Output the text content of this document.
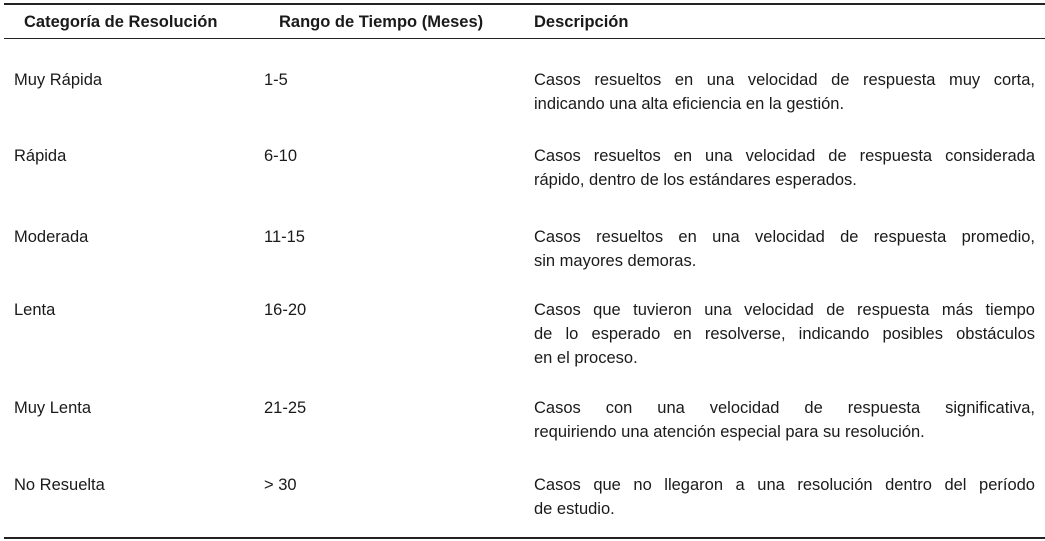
Categoría de Resolución	Rango de Tiempo (Meses)	Descripción
Muy Rápida	1-5	Casos resueltos en una velocidad de respuesta muy corta,
indicando una alta eficiencia en la gestión.
Rápida	6-10	Casos resueltos en una velocidad de respuesta considerada
rápido, dentro de los estándares esperados.
Moderada	11-15	Casos resueltos en una velocidad de respuesta promedio,
sin mayores demoras.
Lenta	16-20	Casos que tuvieron una velocidad de respuesta más tiempo
de lo esperado en resolverse, indicando posibles obstáculos
en el proceso.
Muy Lenta	21-25	Casos con una velocidad de respuesta significativa,
requiriendo una atención especial para su resolución.
No Resuelta	> 30	Casos que no llegaron a una resolución dentro del período
de estudio.
